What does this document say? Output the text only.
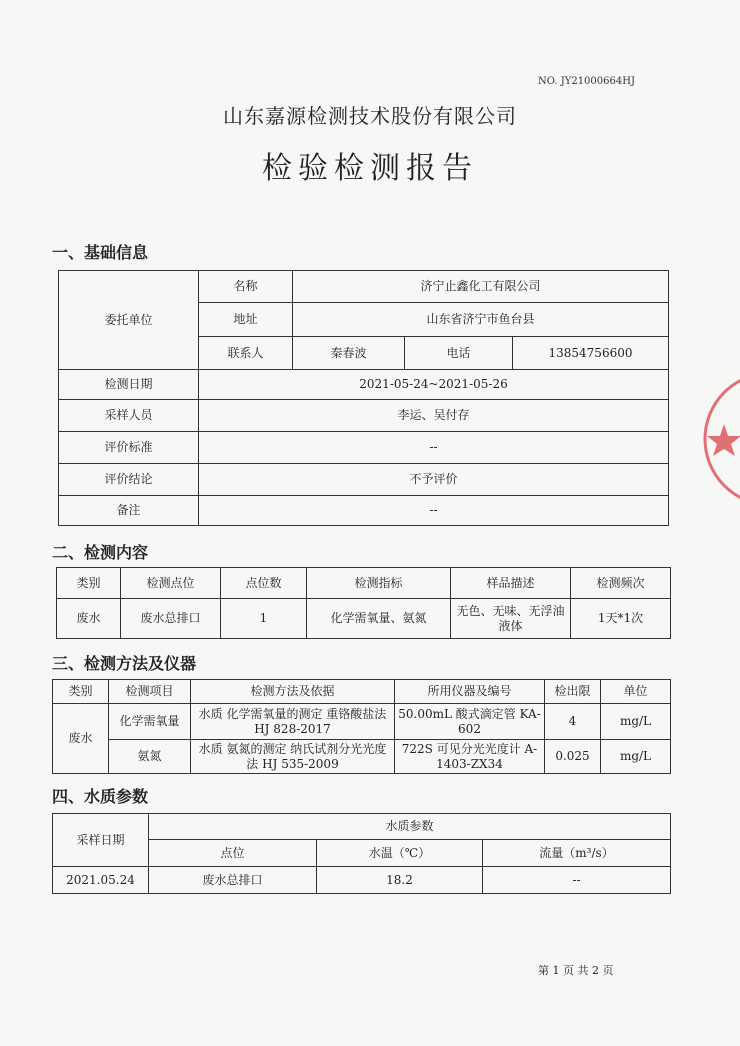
NO. JY21000664HJ
山东嘉源检测技术股份有限公司
检验检测报告
一、基础信息
委托单位	名称	济宁止鑫化工有限公司		
	地址	山东省济宁市鱼台县		
	联系人	秦春波	电话	13854756600
检测日期	2021-05-24~2021-05-26			
采样人员	李运、吴付存			
评价标准	--			
评价结论	不予评价			
备注	--			
二、检测内容
类别	检测点位	点位数	检测指标	样品描述	检测频次
废水	废水总排口	1	化学需氧量、氨氮	无色、无味、无浮油液体	1天*1次
三、检测方法及仪器
类别	检测项目	检测方法及依据	所用仪器及编号	检出限	单位
废水	化学需氧量	水质 化学需氧量的测定 重铬酸盐法 HJ 828-2017	50.00mL 酸式滴定管 KA-602	4	mg/L
	氨氮	水质 氨氮的测定 纳氏试剂分光光度法 HJ 535-2009	722S 可见分光光度计 A-1403-ZX34	0.025	mg/L
四、水质参数
采样日期	水质参数		
	点位	水温（℃）	流量（m³/s）
2021.05.24	废水总排口	18.2	--
第 1 页 共 2 页
